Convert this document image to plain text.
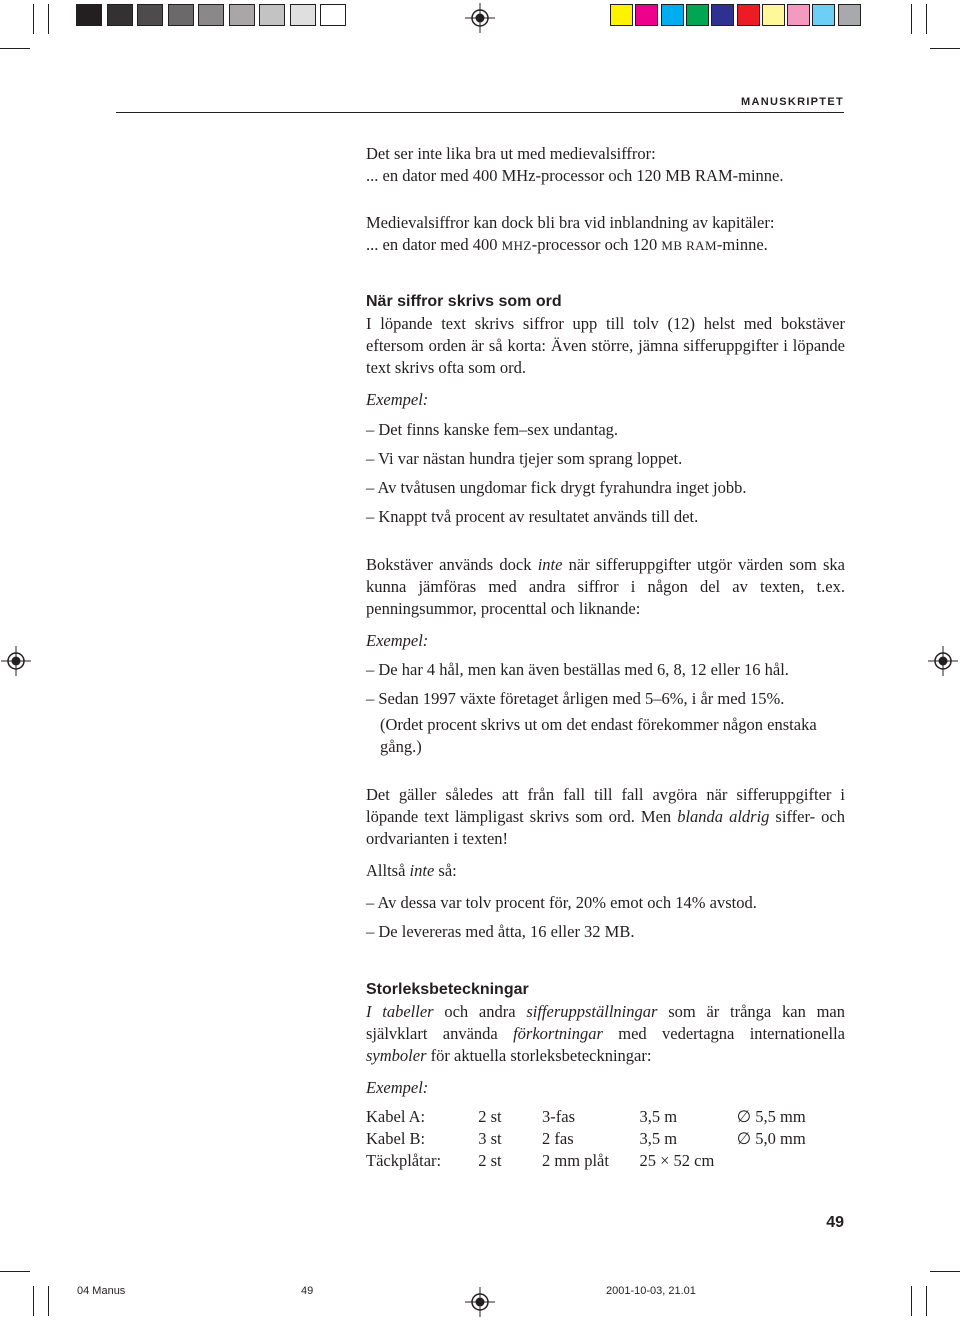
MANUSKRIPTET

Det ser inte lika bra ut med medievalsiffror:

... en dator med 400 MHz-processor och 120 MB RAM-minne.

Medievalsiffror kan dock bli bra vid inblandning av kapitäler:

... en dator med 400 MHZ-processor och 120 MB RAM-minne.

När siffror skrivs som ord

I löpande text skrivs siffror upp till tolv (12) helst med bokstäver eftersom orden är så korta: Även större, jämna sifferuppgifter i löpande text skrivs ofta som ord.

Exempel:

– Det finns kanske fem–sex undantag.

– Vi var nästan hundra tjejer som sprang loppet.

– Av tvåtusen ungdomar fick drygt fyrahundra inget jobb.

– Knappt två procent av resultatet används till det.

Bokstäver används dock inte när sifferuppgifter utgör värden som ska kunna jämföras med andra siffror i någon del av texten, t.ex. penningsummor, procenttal och liknande:

Exempel:

– De har 4 hål, men kan även beställas med 6, 8, 12 eller 16 hål.

– Sedan 1997 växte företaget årligen med 5–6%, i år med 15%.

(Ordet procent skrivs ut om det endast förekommer någon enstaka gång.)

Det gäller således att från fall till fall avgöra när sifferuppgifter i löpande text lämpligast skrivs som ord. Men blanda aldrig siffer- och ordvarianten i texten!

Alltså inte så:

– Av dessa var tolv procent för, 20% emot och 14% avstod.

– De levereras med åtta, 16 eller 32 MB.

Storleksbeteckningar

I tabeller och andra sifferuppställningar som är trånga kan man självklart använda förkortningar med vedertagna internationella symboler för aktuella storleksbeteckningar:

Exempel:

Kabel A:	2 st	3-fas	3,5 m	∅ 5,5 mm
Kabel B:	3 st	2 fas	3,5 m	∅ 5,0 mm
Täckplåtar:	2 st	2 mm plåt	25 × 52 cm	
49
04 Manus	49	2001-10-03, 21.01
